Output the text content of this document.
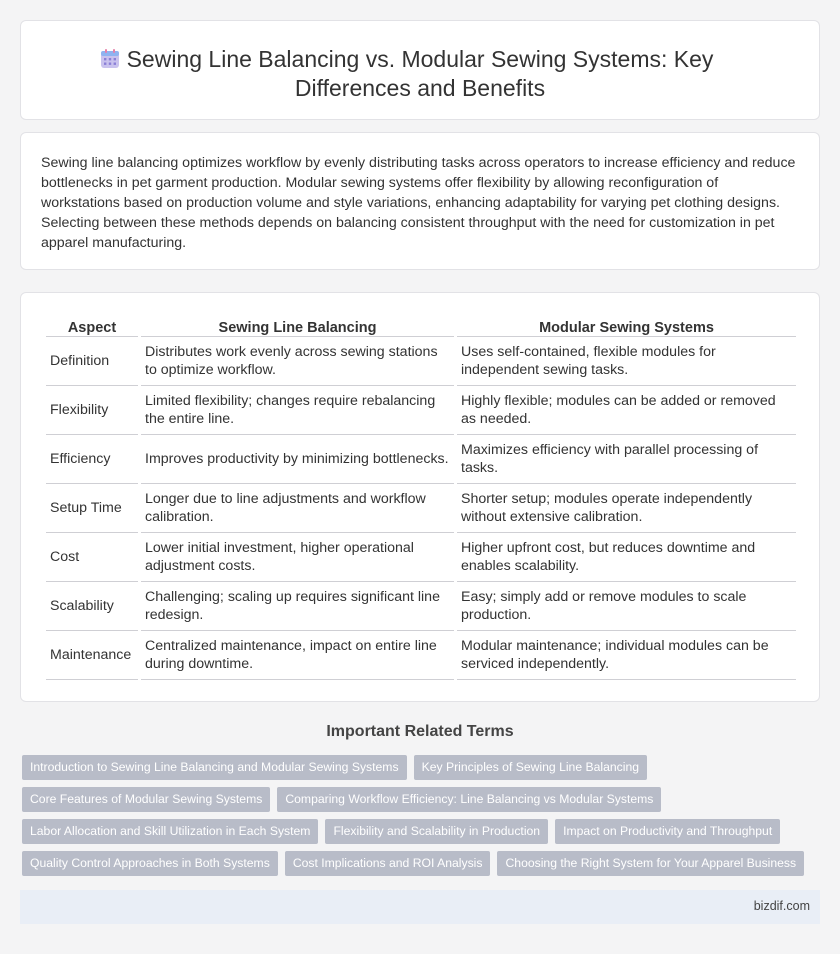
Sewing Line Balancing vs. Modular Sewing Systems: Key Differences and Benefits

Sewing line balancing optimizes workflow by evenly distributing tasks across operators to increase efficiency and reduce bottlenecks in pet garment production. Modular sewing systems offer flexibility by allowing reconfiguration of workstations based on production volume and style variations, enhancing adaptability for varying pet clothing designs. Selecting between these methods depends on balancing consistent throughput with the need for customization in pet apparel manufacturing.

Aspect	Sewing Line Balancing	Modular Sewing Systems
Definition	Distributes work evenly across sewing stations to optimize workflow.	Uses self-contained, flexible modules for independent sewing tasks.
Flexibility	Limited flexibility; changes require rebalancing the entire line.	Highly flexible; modules can be added or removed as needed.
Efficiency	Improves productivity by minimizing bottlenecks.	Maximizes efficiency with parallel processing of tasks.
Setup Time	Longer due to line adjustments and workflow calibration.	Shorter setup; modules operate independently without extensive calibration.
Cost	Lower initial investment, higher operational adjustment costs.	Higher upfront cost, but reduces downtime and enables scalability.
Scalability	Challenging; scaling up requires significant line redesign.	Easy; simply add or remove modules to scale production.
Maintenance	Centralized maintenance, impact on entire line during downtime.	Modular maintenance; individual modules can be serviced independently.
Important Related Terms
Introduction to Sewing Line Balancing and Modular Sewing Systems	Key Principles of Sewing Line Balancing
Core Features of Modular Sewing Systems	Comparing Workflow Efficiency: Line Balancing vs Modular Systems
Labor Allocation and Skill Utilization in Each System	Flexibility and Scalability in Production	Impact on Productivity and Throughput
Quality Control Approaches in Both Systems	Cost Implications and ROI Analysis	Choosing the Right System for Your Apparel Business
bizdif.com
